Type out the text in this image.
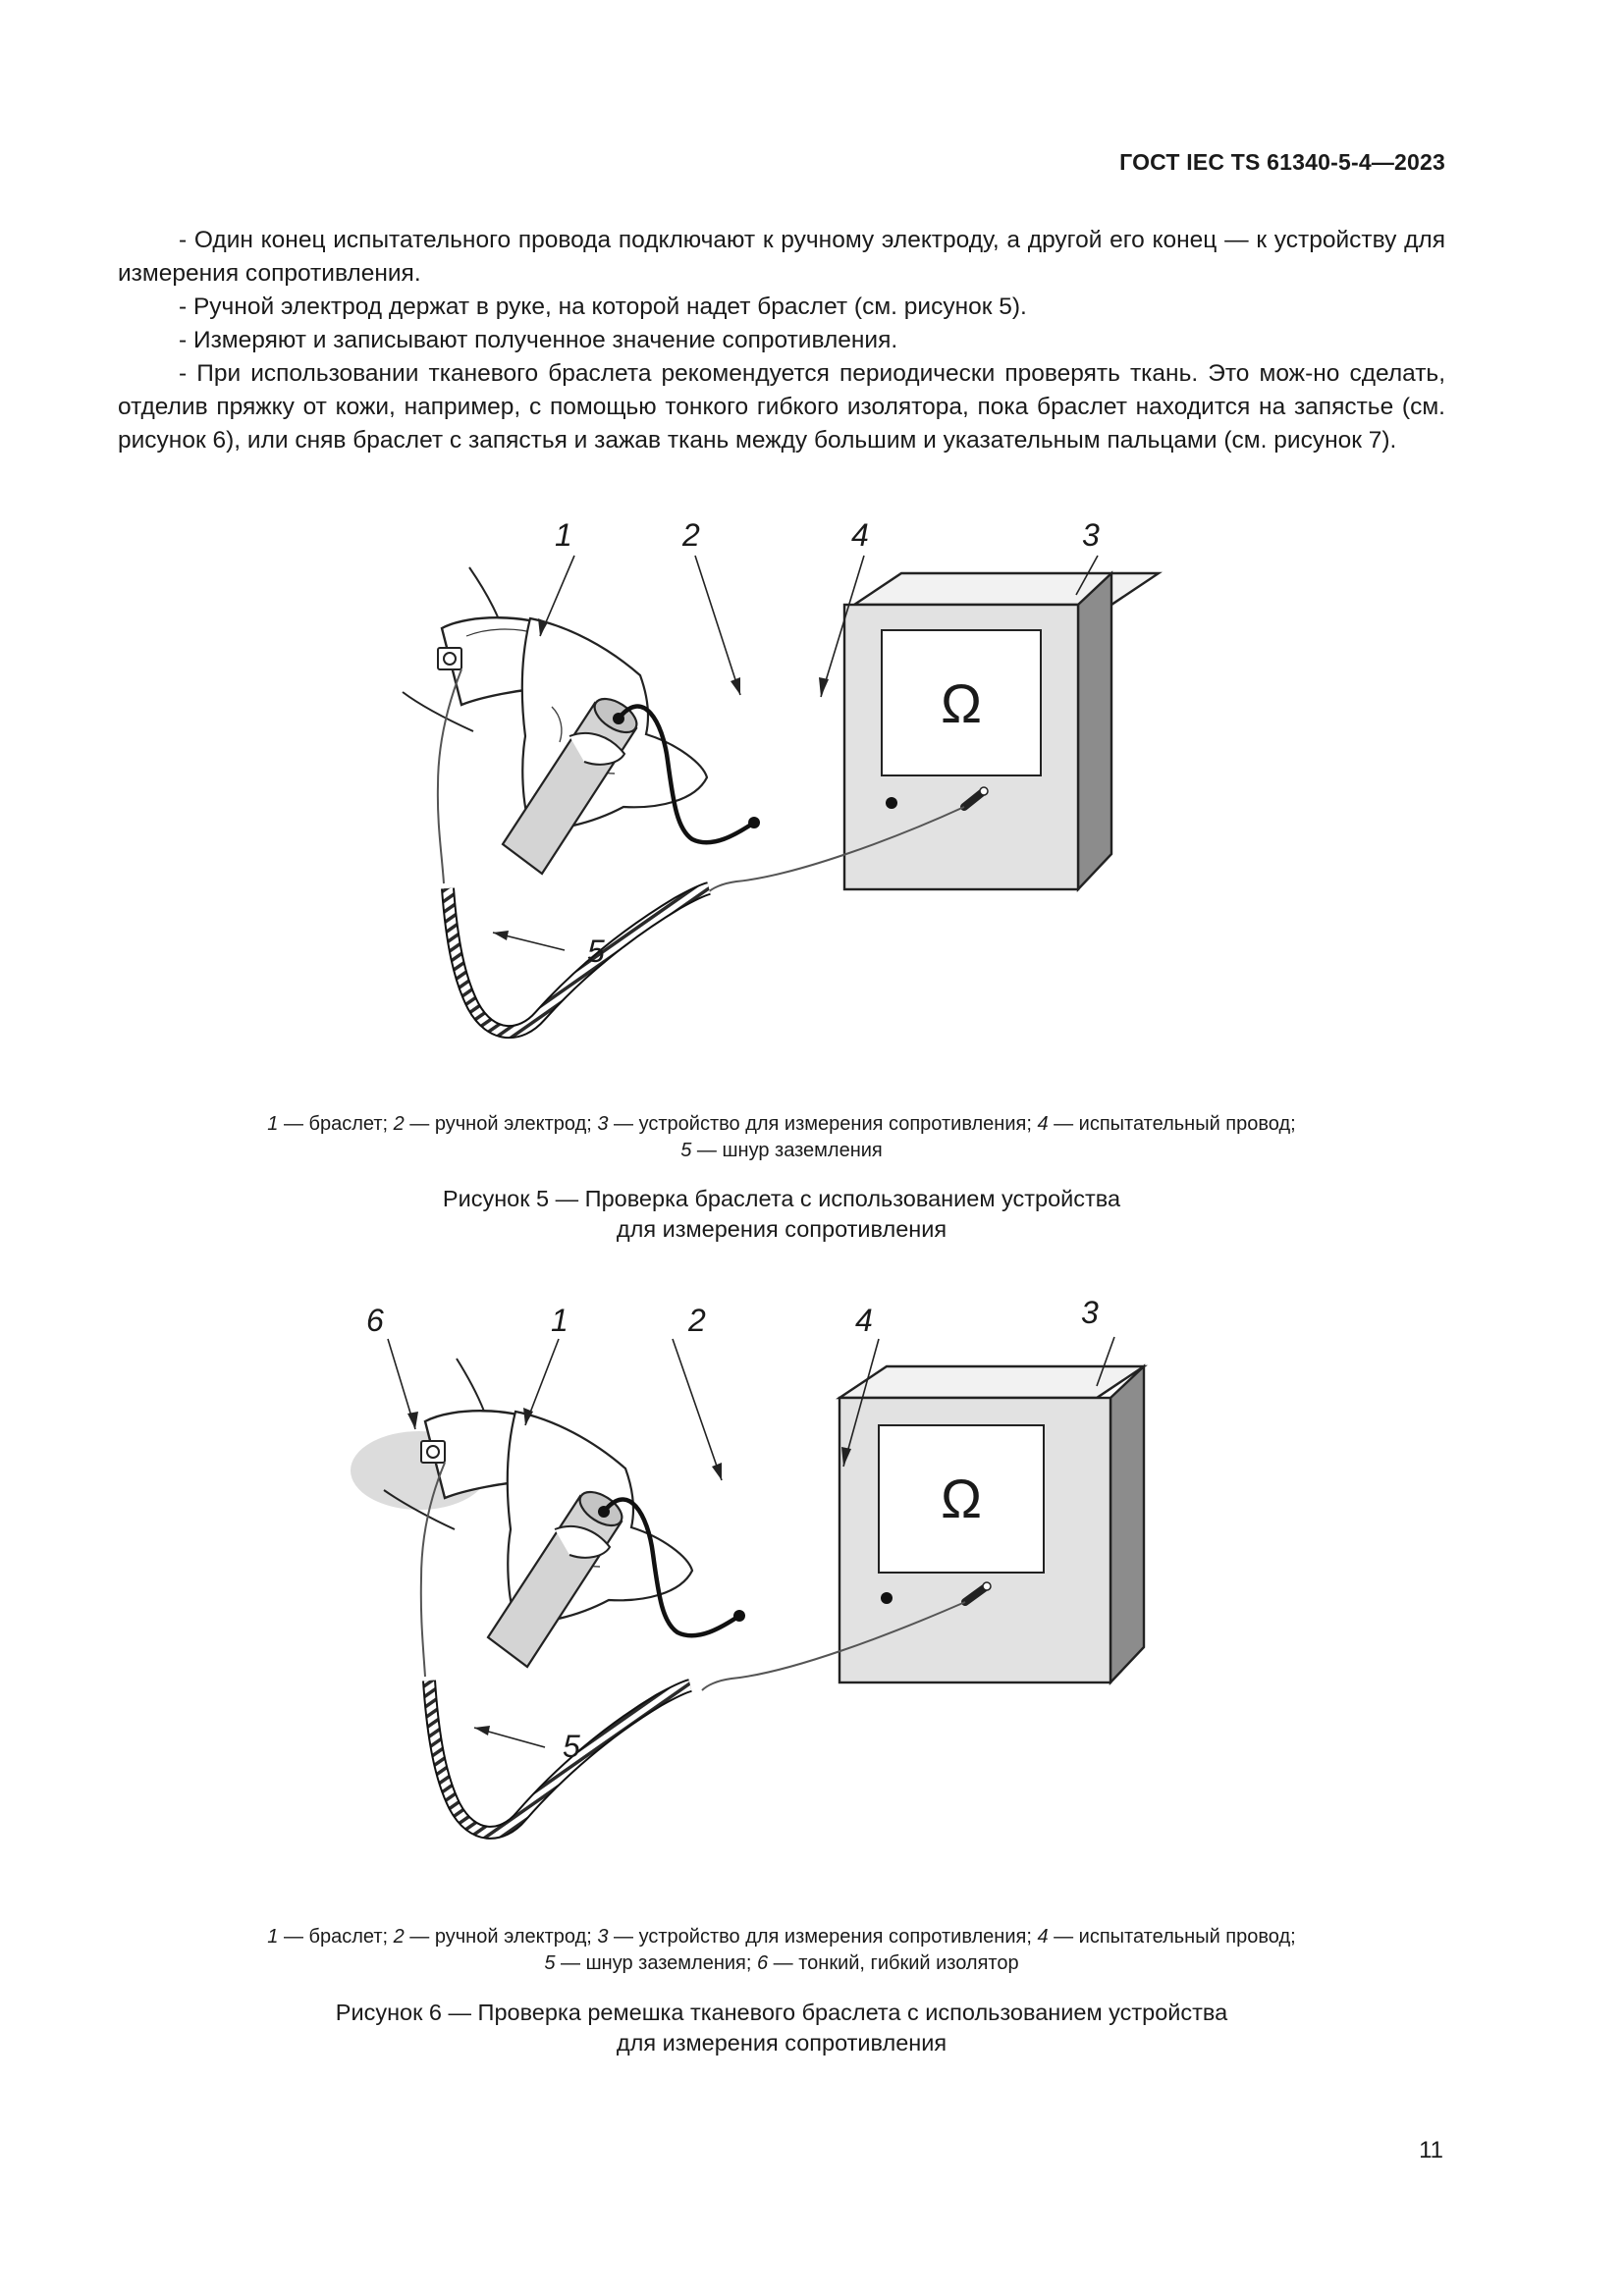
ГОСТ IEC TS 61340-5-4—2023

- Один конец испытательного провода подключают к ручному электроду, а другой его конец — к устройству для измерения сопротивления.

- Ручной электрод держат в руке, на которой надет браслет (см. рисунок 5).

- Измеряют и записывают полученное значение сопротивления.

- При использовании тканевого браслета рекомендуется периодически проверять ткань. Это мож-но сделать, отделив пряжку от кожи, например, с помощью тонкого гибкого изолятора, пока браслет находится на запястье (см. рисунок 6), или сняв браслет с запястья и зажав ткань между большим и указательным пальцами (см. рисунок 7).

Ω
1	2	4	3
5

1 — браслет; 2 — ручной электрод; 3 — устройство для измерения сопротивления; 4 — испытательный провод;

5 — шнур заземления

Рисунок 5 — Проверка браслета с использованием устройства

для измерения сопротивления

Ω
6	1	2	4	3
5

1 — браслет; 2 — ручной электрод; 3 — устройство для измерения сопротивления; 4 — испытательный провод;

5 — шнур заземления; 6 — тонкий, гибкий изолятор

Рисунок 6 — Проверка ремешка тканевого браслета с использованием устройства

для измерения сопротивления

11
